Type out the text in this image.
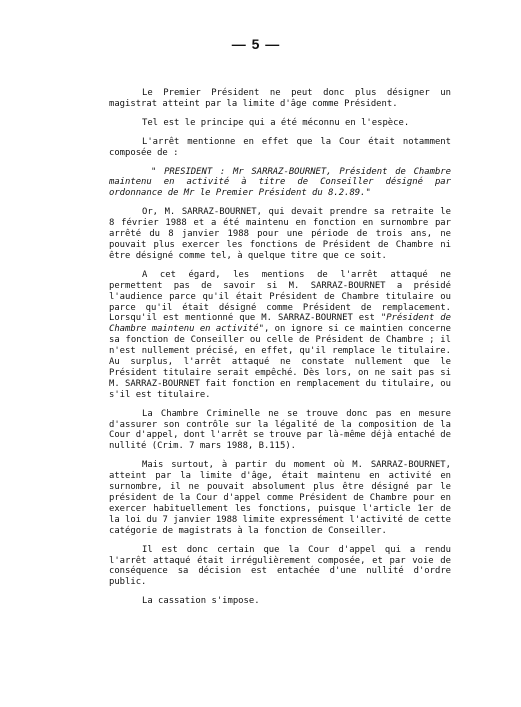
— 5 —

Le Premier Président ne peut donc plus désigner un magistrat atteint par la limite d'âge comme Président.

Tel est le principe qui a été méconnu en l'espèce.

L'arrêt mentionne en effet que la Cour était notamment composée de :

" PRESIDENT : Mr SARRAZ-BOURNET, Président de Chambre maintenu en activité à titre de Conseiller désigné par ordonnance de Mr le Premier Président du 8.2.89."

Or, M. SARRAZ-BOURNET, qui devait prendre sa retraite le 8 février 1988 et a été maintenu en fonction en surnombre par arrêté du 8 janvier 1988 pour une période de trois ans, ne pouvait plus exercer les fonctions de Président de Chambre ni être désigné comme tel, à quelque titre que ce soit.

A cet égard, les mentions de l'arrêt attaqué ne permettent pas de savoir si M. SARRAZ-BOURNET a présidé l'audience parce qu'il était Président de Chambre titulaire ou parce qu'il était désigné comme Président de remplacement. Lorsqu'il est mentionné que M. SARRAZ-BOURNET est "Président de Chambre maintenu en activité", on ignore si ce maintien concerne sa fonction de Conseiller ou celle de Président de Chambre ; il n'est nullement précisé, en effet, qu'il remplace le titulaire. Au surplus, l'arrêt attaqué ne constate nullement que le Président titulaire serait empêché. Dès lors, on ne sait pas si M. SARRAZ-BOURNET fait fonction en remplacement du titulaire, ou s'il est titulaire.

La Chambre Criminelle ne se trouve donc pas en mesure d'assurer son contrôle sur la légalité de la composition de la Cour d'appel, dont l'arrêt se trouve par là-même déjà entaché de nullité (Crim. 7 mars 1988, B.115).

Mais surtout, à partir du moment où M. SARRAZ-BOURNET, atteint par la limite d'âge, était maintenu en activité en surnombre, il ne pouvait absolument plus être désigné par le président de la Cour d'appel comme Président de Chambre pour en exercer habituellement les fonctions, puisque l'article 1er de la loi du 7 janvier 1988 limite expressément l'activité de cette catégorie de magistrats à la fonction de Conseiller.

Il est donc certain que la Cour d'appel qui a rendu l'arrêt attaqué était irrégulièrement composée, et par voie de conséquence sa décision est entachée d'une nullité d'ordre public.

La cassation s'impose.
